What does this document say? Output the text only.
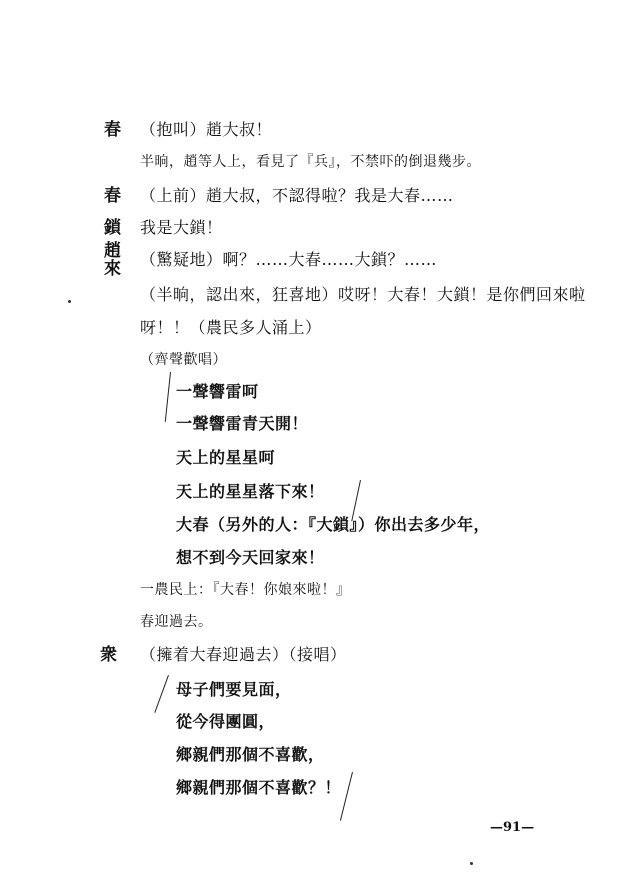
春 （抱叫）趙大叔！
半晌，趙等人上，看見了『兵』，不禁吓的倒退幾步。
春 （上前）趙大叔，不認得啦？我是大春……
鎖 我是大鎖！
趙來 （驚疑地）啊？……大春……大鎖？……
（半晌，認出來，狂喜地）哎呀！大春！大鎖！是你們回來啦
呀！！（農民多人涌上）
（齊聲歡唱）
一聲響雷呵
一聲響雷青天開！
天上的星星呵
天上的星星落下來！
大春（另外的人：『大鎖』）你出去多少年，
想不到今天回家來！
一農民上：『大春！你娘來啦！』
春迎過去。
衆 （擁着大春迎過去）（接唱）
母子們要見面，
從今得團圓，
鄉親們那個不喜歡，
鄉親們那個不喜歡？！
—91—
